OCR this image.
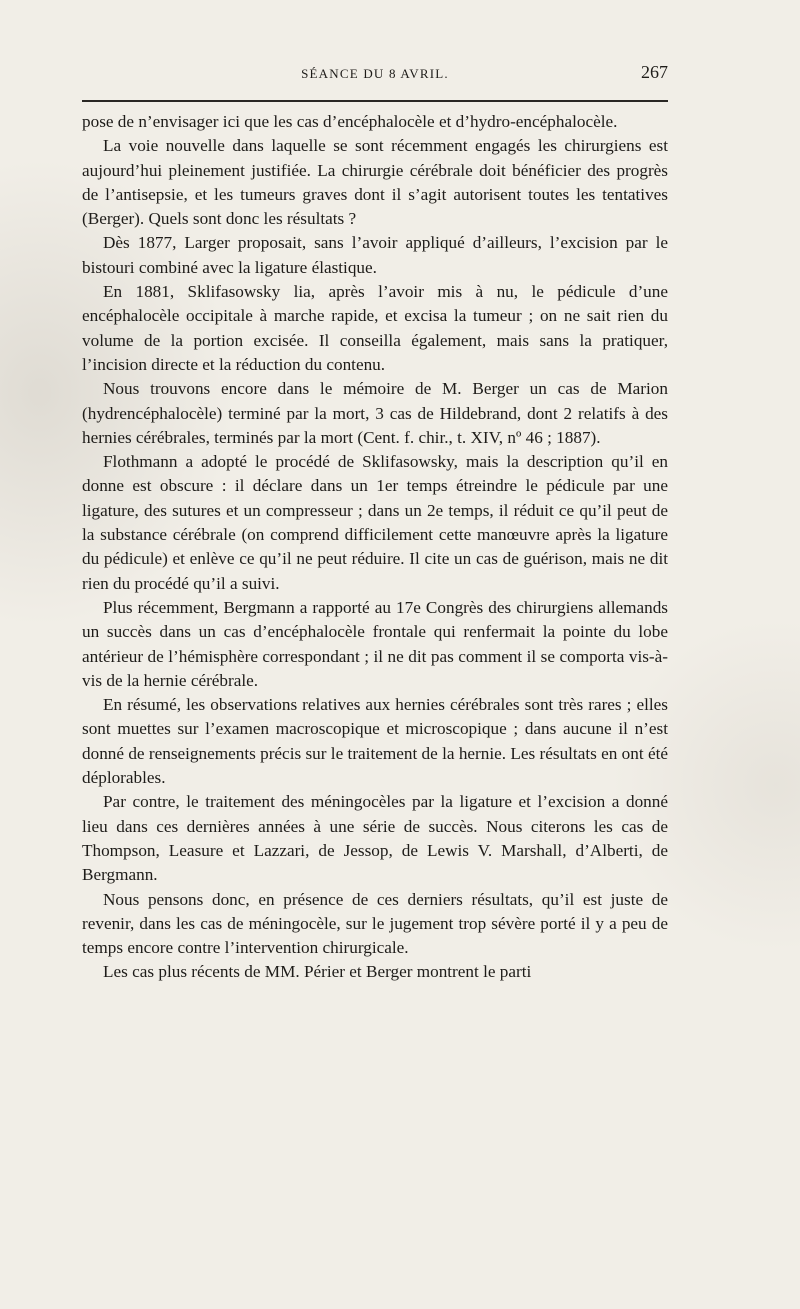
SÉANCE DU 8 AVRIL.	267

pose de n’envisager ici que les cas d’encéphalocèle et d’hydro-encéphalocèle.

La voie nouvelle dans laquelle se sont récemment engagés les chirurgiens est aujourd’hui pleinement justifiée. La chirurgie cérébrale doit bénéficier des progrès de l’antisepsie, et les tumeurs graves dont il s’agit autorisent toutes les tentatives (Berger). Quels sont donc les résultats ?

Dès 1877, Larger proposait, sans l’avoir appliqué d’ailleurs, l’excision par le bistouri combiné avec la ligature élastique.

En 1881, Sklifasowsky lia, après l’avoir mis à nu, le pédicule d’une encéphalocèle occipitale à marche rapide, et excisa la tumeur ; on ne sait rien du volume de la portion excisée. Il conseilla également, mais sans la pratiquer, l’incision directe et la réduction du contenu.

Nous trouvons encore dans le mémoire de M. Berger un cas de Marion (hydrencéphalocèle) terminé par la mort, 3 cas de Hildebrand, dont 2 relatifs à des hernies cérébrales, terminés par la mort (Cent. f. chir., t. XIV, nº 46 ; 1887).

Flothmann a adopté le procédé de Sklifasowsky, mais la description qu’il en donne est obscure : il déclare dans un 1er temps étreindre le pédicule par une ligature, des sutures et un compresseur ; dans un 2e temps, il réduit ce qu’il peut de la substance cérébrale (on comprend difficilement cette manœuvre après la ligature du pédicule) et enlève ce qu’il ne peut réduire. Il cite un cas de guérison, mais ne dit rien du procédé qu’il a suivi.

Plus récemment, Bergmann a rapporté au 17e Congrès des chirurgiens allemands un succès dans un cas d’encéphalocèle frontale qui renfermait la pointe du lobe antérieur de l’hémisphère correspondant ; il ne dit pas comment il se comporta vis-à-vis de la hernie cérébrale.

En résumé, les observations relatives aux hernies cérébrales sont très rares ; elles sont muettes sur l’examen macroscopique et microscopique ; dans aucune il n’est donné de renseignements précis sur le traitement de la hernie. Les résultats en ont été déplorables.

Par contre, le traitement des méningocèles par la ligature et l’excision a donné lieu dans ces dernières années à une série de succès. Nous citerons les cas de Thompson, Leasure et Lazzari, de Jessop, de Lewis V. Marshall, d’Alberti, de Bergmann.

Nous pensons donc, en présence de ces derniers résultats, qu’il est juste de revenir, dans les cas de méningocèle, sur le jugement trop sévère porté il y a peu de temps encore contre l’intervention chirurgicale.

Les cas plus récents de MM. Périer et Berger montrent le parti
